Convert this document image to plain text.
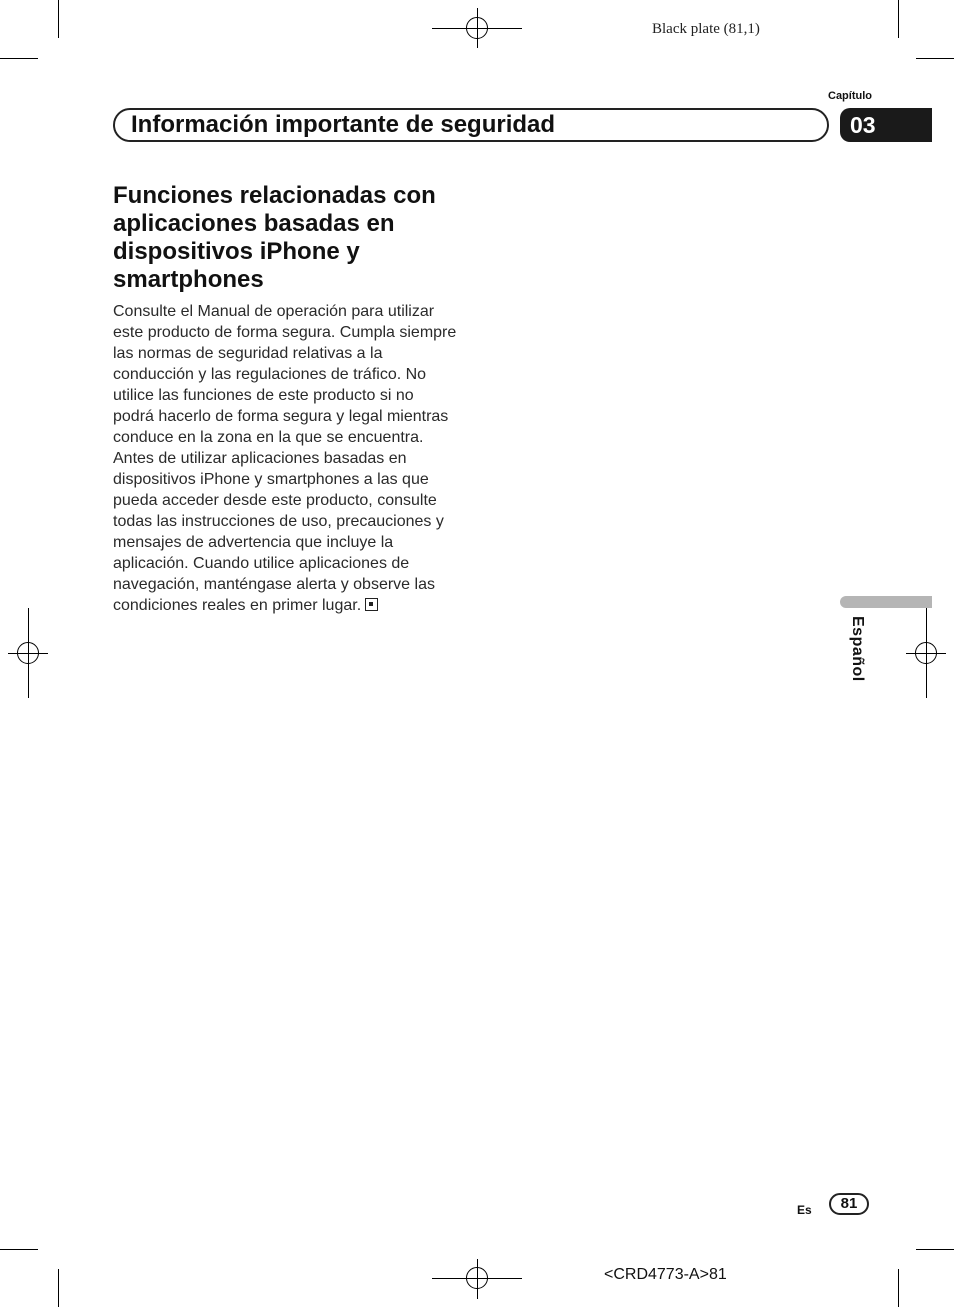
Black plate (81,1)
Capítulo
Información importante de seguridad	03
Funciones relacionadas con aplicaciones basadas en dispositivos iPhone y smartphones
Consulte el Manual de operación para utilizar este producto de forma segura. Cumpla siempre las normas de seguridad relativas a la conducción y las regulaciones de tráfico. No utilice las funciones de este producto si no podrá hacerlo de forma segura y legal mientras conduce en la zona en la que se encuentra. Antes de utilizar aplicaciones basadas en dispositivos iPhone y smartphones a las que pueda acceder desde este producto, consulte todas las instrucciones de uso, precauciones y mensajes de advertencia que incluye la aplicación. Cuando utilice aplicaciones de navegación, manténgase alerta y observe las condiciones reales en primer lugar.
Español
Es	81
<CRD4773-A>81
